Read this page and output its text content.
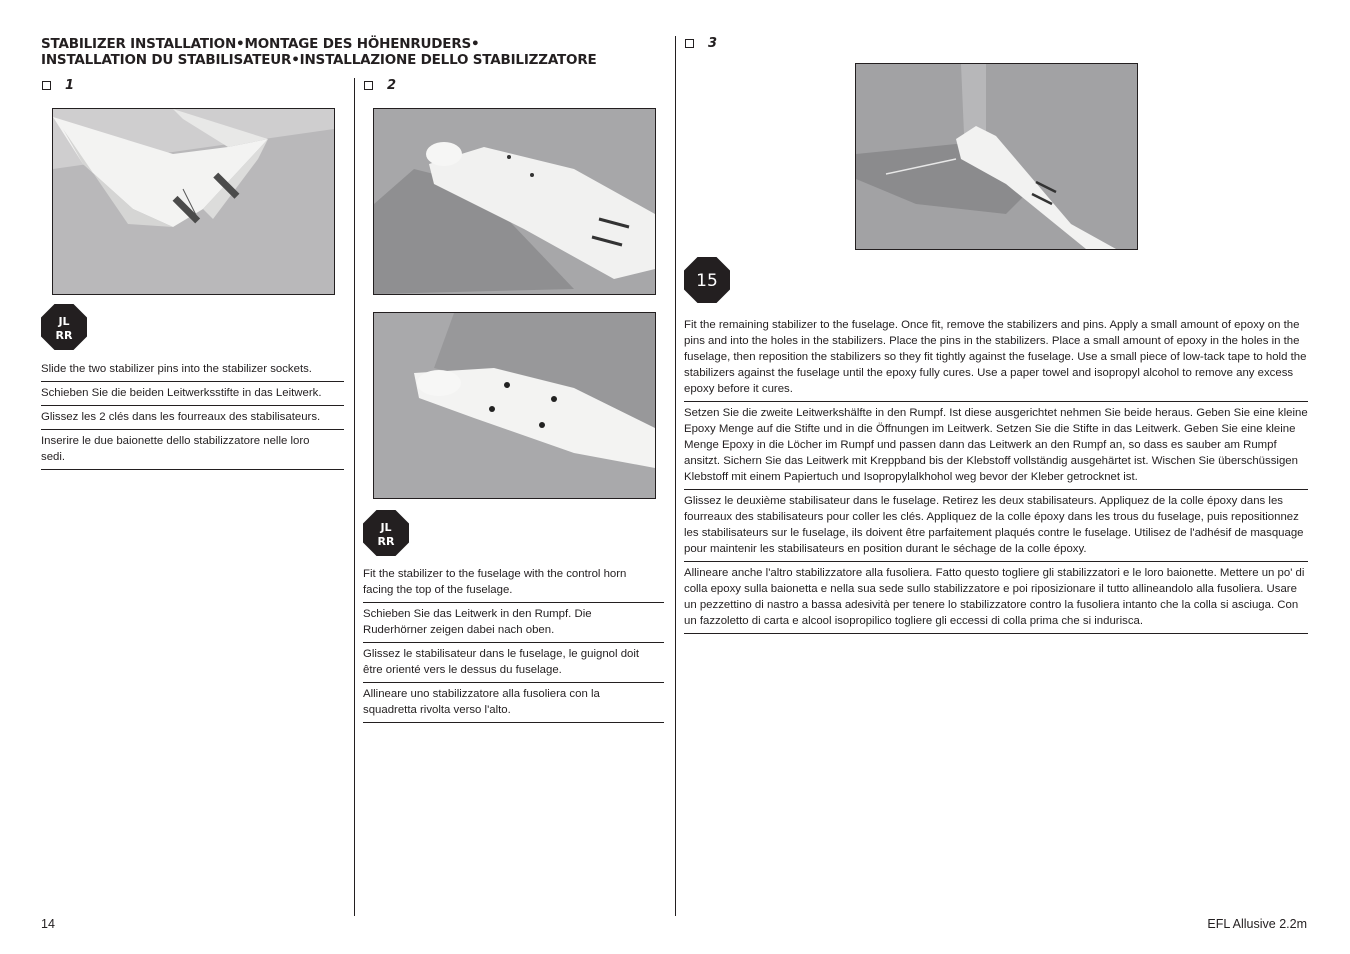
STABILIZER INSTALLATION•MONTAGE DES HÖHENRUDERS•
INSTALLATION DU STABILISATEUR•INSTALLAZIONE DELLO STABILIZZATORE
1	2
3
JL
RR
JL
RR
15

Slide the two stabilizer pins into the stabilizer sockets.

Schieben Sie die beiden Leitwerksstifte in das Leitwerk.

Glissez les 2 clés dans les fourreaux des stabilisateurs.

Inserire le due baionette dello stabilizzatore nelle loro sedi.

Fit the stabilizer to the fuselage with the control horn facing the top of the fuselage.

Schieben Sie das Leitwerk in den Rumpf. Die Ruderhörner zeigen dabei nach oben.

Glissez le stabilisateur dans le fuselage, le guignol doit être orienté vers le dessus du fuselage.

Allineare uno stabilizzatore alla fusoliera con la squadretta rivolta verso l'alto.

Fit the remaining stabilizer to the fuselage. Once fit, remove the stabilizers and pins. Apply a small amount of epoxy on the pins and into the holes in the stabilizers. Place the pins in the stabilizers. Place a small amount of epoxy in the holes in the fuselage, then reposition the stabilizers so they fit tightly against the fuselage. Use a small piece of low-tack tape to hold the stabilizers against the fuselage until the epoxy fully cures. Use a paper towel and isopropyl alcohol to remove any excess epoxy before it cures.

Setzen Sie die zweite Leitwerkshälfte in den Rumpf. Ist diese ausgerichtet nehmen Sie beide heraus. Geben Sie eine kleine Epoxy Menge auf die Stifte und in die Öffnungen im Leitwerk. Setzen Sie die Stifte in das Leitwerk. Geben Sie eine kleine Menge Epoxy in die Löcher im Rumpf und passen dann das Leitwerk an den Rumpf an, so dass es sauber am Rumpf ansitzt. Sichern Sie das Leitwerk mit Kreppband bis der Klebstoff vollständig ausgehärtet ist. Wischen Sie überschüssigen Klebstoff mit einem Papiertuch und Isopropylalkhohol weg bevor der Kleber getrocknet ist.

Glissez le deuxième stabilisateur dans le fuselage. Retirez les deux stabilisateurs. Appliquez de la colle époxy dans les fourreaux des stabilisateurs pour coller les clés. Appliquez de la colle époxy dans les trous du fuselage, puis repositionnez les stabilisateurs sur le fuselage, ils doivent être parfaitement plaqués contre le fuselage. Utilisez de l'adhésif de masquage pour maintenir les stabilisateurs en position durant le séchage de la colle époxy.

Allineare anche l'altro stabilizzatore alla fusoliera. Fatto questo togliere gli stabilizzatori e le loro baionette. Mettere un po' di colla epoxy sulla baionetta e nella sua sede sullo stabilizzatore e poi riposizionare il tutto allineandolo alla fusoliera. Usare un pezzettino di nastro a bassa adesività per tenere lo stabilizzatore contro la fusoliera intanto che la colla si asciuga. Con un fazzoletto di carta e alcool isopropilico togliere gli eccessi di colla prima che si indurisca.

14	EFL Allusive 2.2m
